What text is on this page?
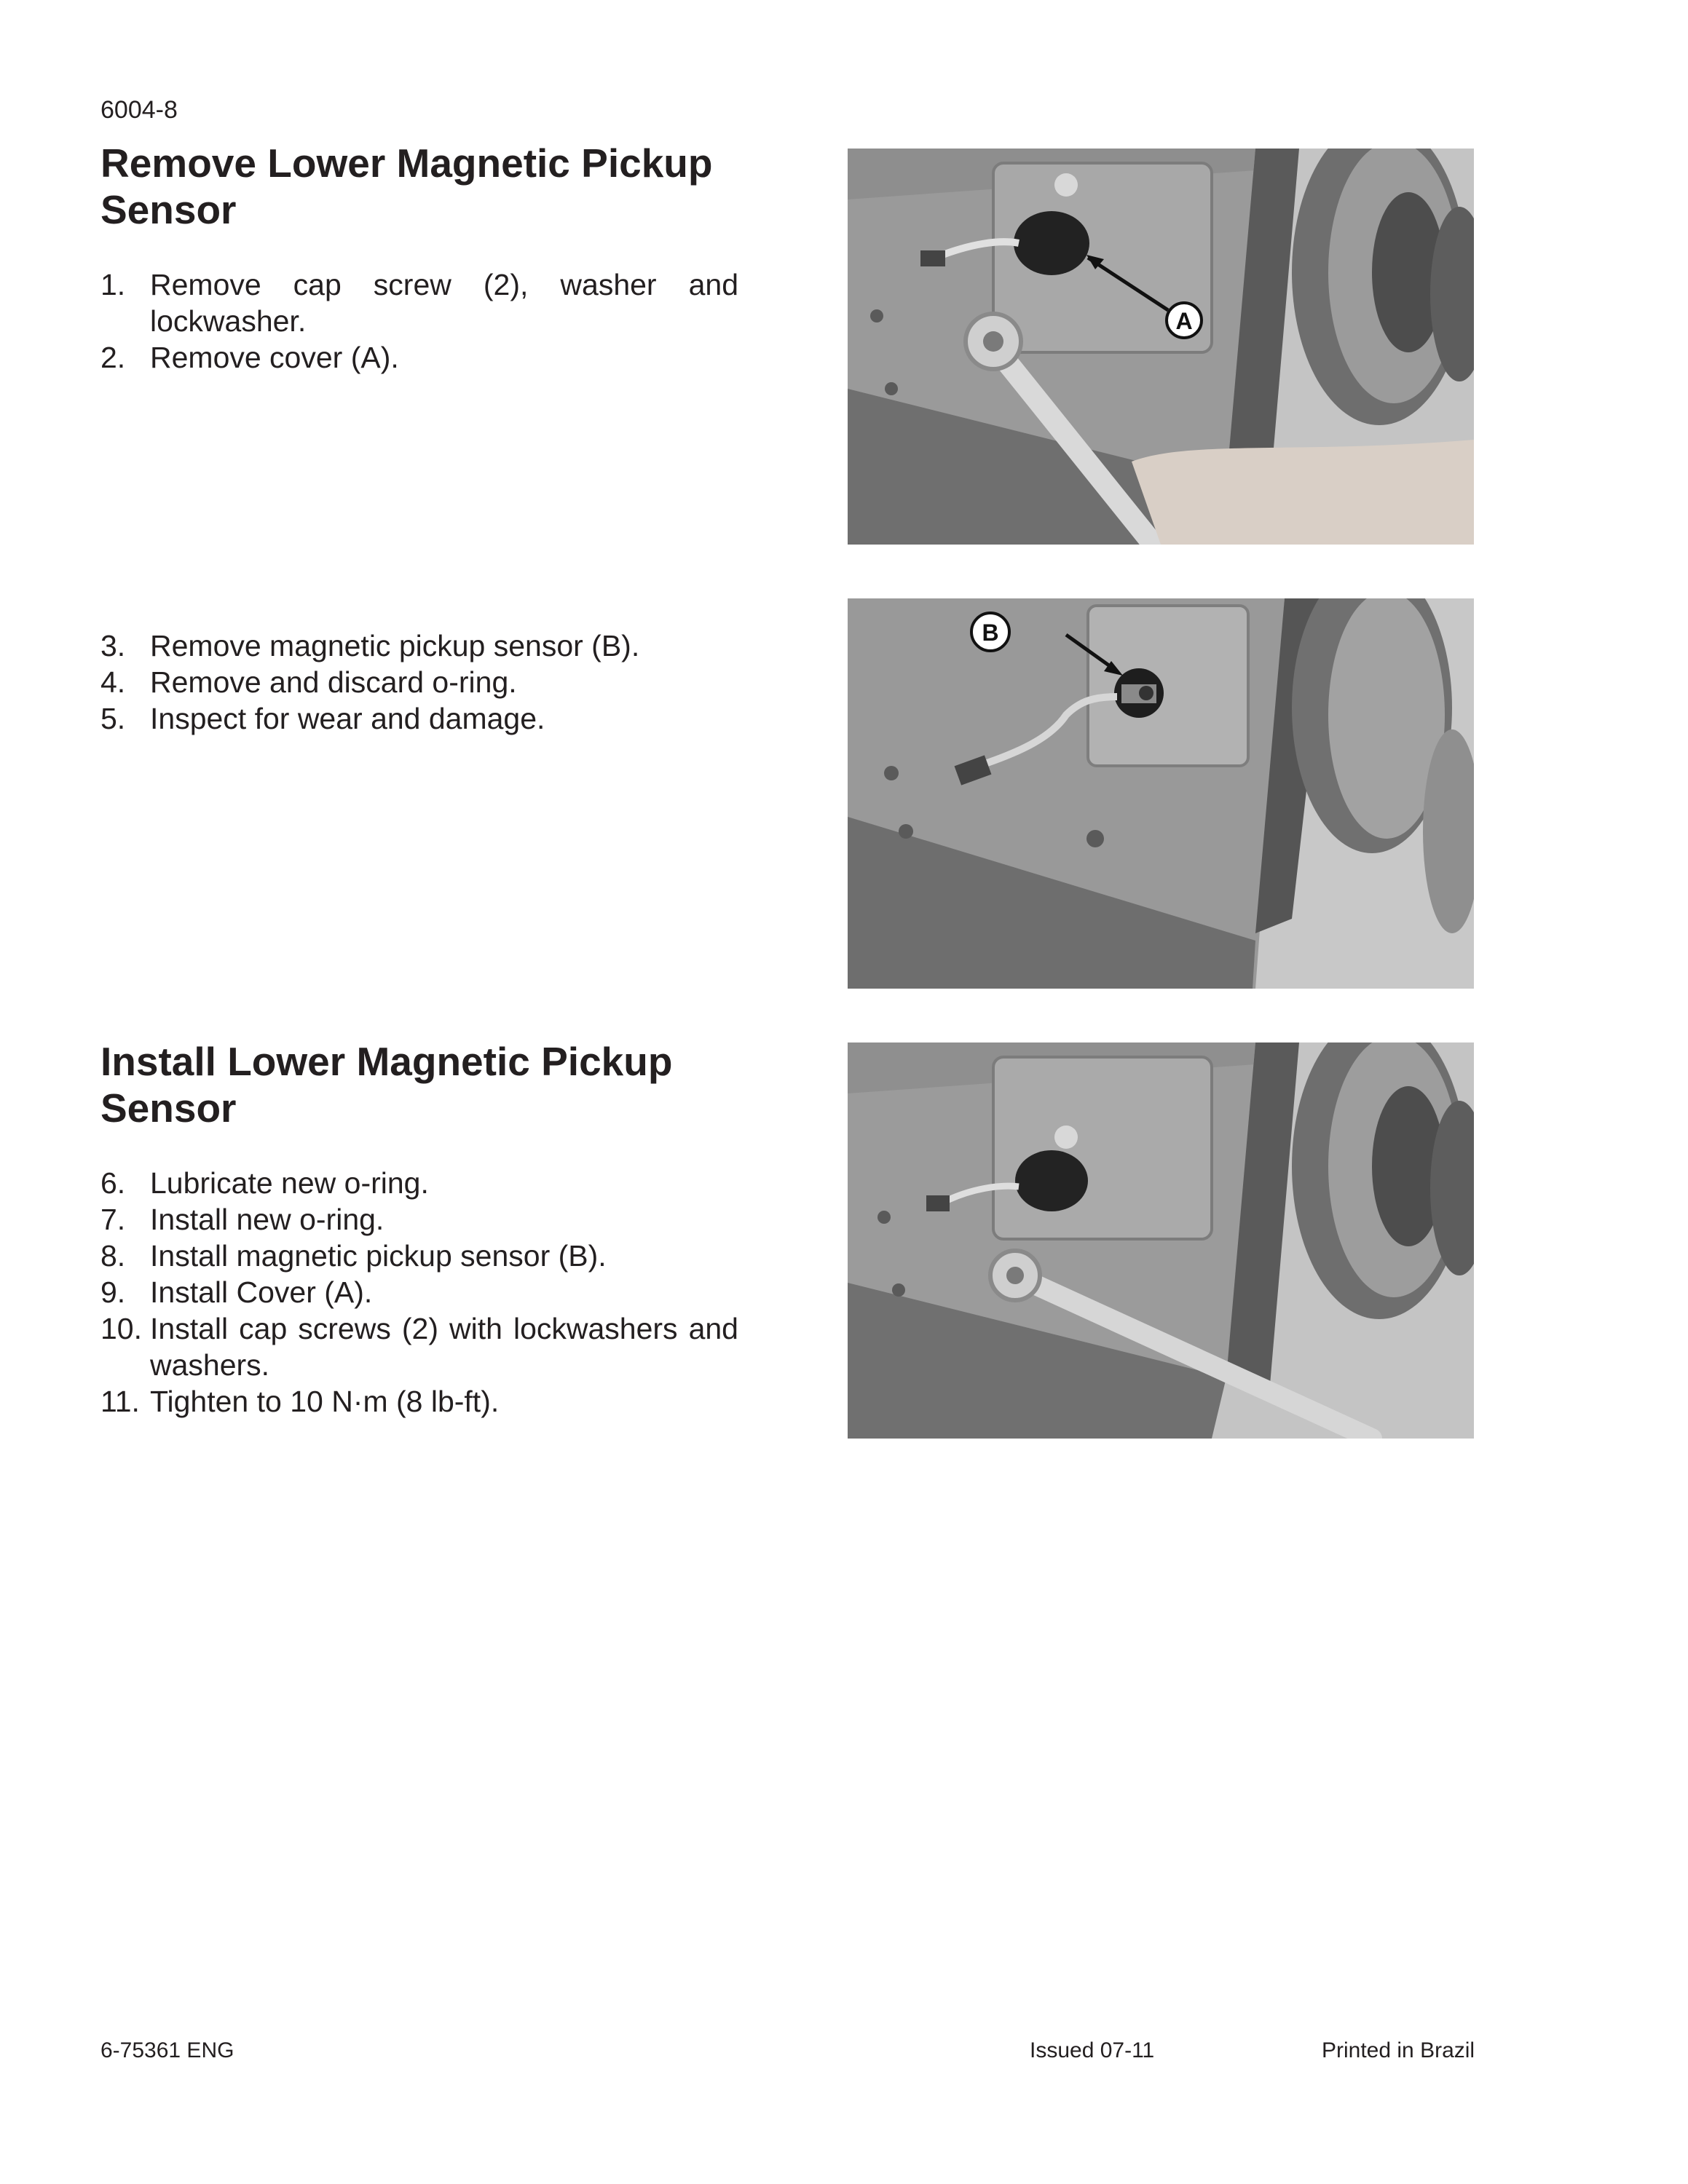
6004-8
Remove Lower Magnetic Pickup Sensor
1. Remove cap screw (2), washer and lockwasher.
2. Remove cover (A).
3. Remove magnetic pickup sensor (B).
4. Remove and discard o-ring.
5. Inspect for wear and damage.
Install Lower Magnetic Pickup Sensor
6. Lubricate new o-ring.
7. Install new o-ring.
8. Install magnetic pickup sensor (B).
9. Install Cover (A).
10. Install cap screws (2) with lockwashers and washers.
11. Tighten to 10 N·m (8 lb-ft).
A
B
6-75361 ENG	Issued 07-11	Printed in Brazil
